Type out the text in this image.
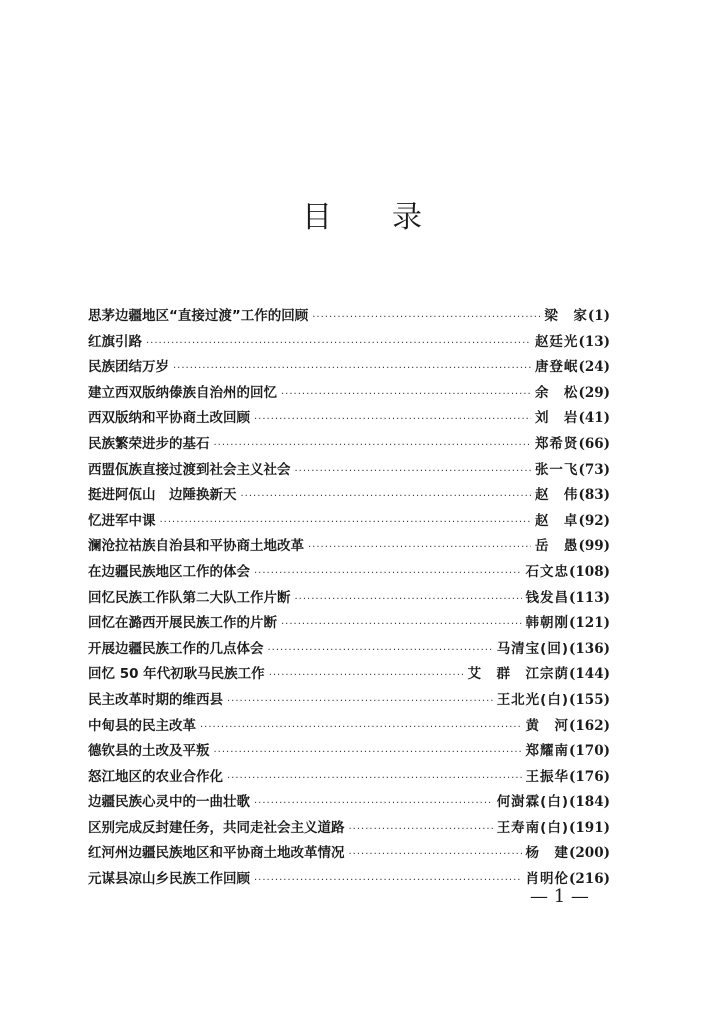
目录
思茅边疆地区“直接过渡”工作的回顾 ·····	梁　家 (1)
红旗引路 ·····	赵廷光 (13)
民族团结万岁 ·····	唐登岷 (24)
建立西双版纳傣族自治州的回忆 ·····	余　松 (29)
西双版纳和平协商土改回顾 ·····	刘　岩 (41)
民族繁荣进步的基石 ·····	郑希贤 (66)
西盟佤族直接过渡到社会主义社会 ·····	张一飞 (73)
挺进阿佤山　边陲换新天 ·····	赵　伟 (83)
忆进军中课 ·····	赵　卓 (92)
澜沧拉祜族自治县和平协商土地改革 ·····	岳　愚 (99)
在边疆民族地区工作的体会 ·····	石文忠 (108)
回忆民族工作队第二大队工作片断 ·····	钱发昌 (113)
回忆在潞西开展民族工作的片断 ·····	韩朝刚 (121)
开展边疆民族工作的几点体会 ·····	马清宝(回) (136)
回忆 50 年代初耿马民族工作 ·····	艾　群　江宗荫 (144)
民主改革时期的维西县 ·····	王北光(白) (155)
中甸县的民主改革 ·····	黄　河 (162)
德钦县的土改及平叛 ·····	郑耀南 (170)
怒江地区的农业合作化 ·····	王振华 (176)
边疆民族心灵中的一曲壮歌 ·····	何澍霖(白) (184)
区别完成反封建任务，共同走社会主义道路 ·····	王寿南(白) (191)
红河州边疆民族地区和平协商土地改革情况 ·····	杨　建 (200)
元谋县凉山乡民族工作回顾 ·····	肖明伦 (216)
— 1 —
